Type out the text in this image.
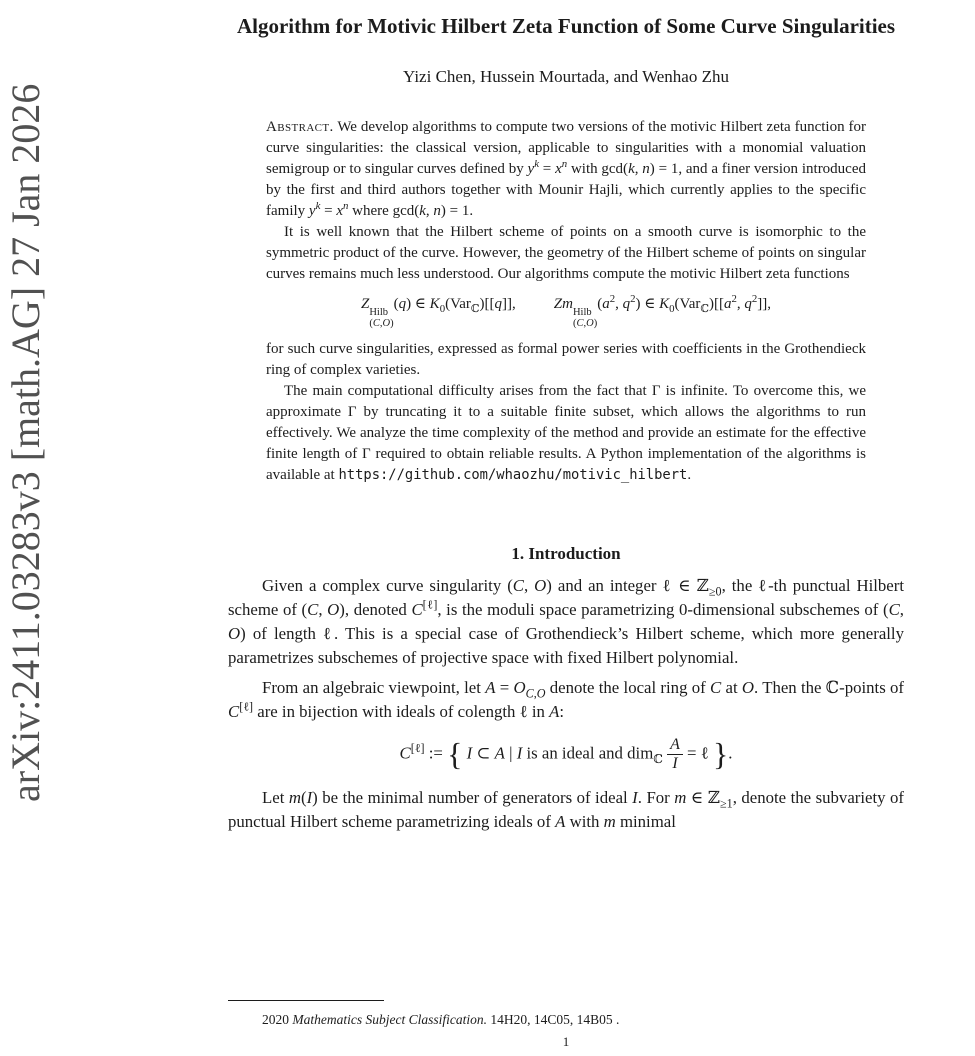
arXiv:2411.03283v3 [math.AG] 27 Jan 2026
Algorithm for Motivic Hilbert Zeta Function of Some Curve Singularities
Yizi Chen, Hussein Mourtada, and Wenhao Zhu

Abstract. We develop algorithms to compute two versions of the motivic Hilbert zeta function for curve singularities: the classical version, applicable to singularities with a monomial valuation semigroup or to singular curves defined by $y^k = x^n$ with gcd(k, n) = 1, and a finer version introduced by the first and third authors together with Mounir Hajli, which currently applies to the specific family $y^k = x^n$ where gcd(k, n) = 1.

It is well known that the Hilbert scheme of points on a smooth curve is isomorphic to the symmetric product of the curve. However, the geometry of the Hilbert scheme of points on singular curves remains much less understood. Our algorithms compute the motivic Hilbert zeta functions

Z
Hilb
(C,O)
(q) ∈ $K_0(Var_ℂ)[[q]]$,	Zm
Hilb
(C,O)
($a^2$, $q^2$) ∈ $K_0(Var_ℂ)[[a^2$, $q^2$]],

for such curve singularities, expressed as formal power series with coefficients in the Grothendieck ring of complex varieties.

The main computational difficulty arises from the fact that Γ is infinite. To overcome this, we approximate Γ by truncating it to a suitable finite subset, which allows the algorithms to run effectively. We analyze the time complexity of the method and provide an estimate for the effective finite length of Γ required to obtain reliable results. A Python implementation of the algorithms is available at https://github.com/whaozhu/motivic_hilbert.

1. Introduction

Given a complex curve singularity (C, O) and an integer ℓ ∈ ℤ$_{\ge 0}$, the ℓ-th punctual Hilbert scheme of (C, O), denoted C[ℓ], is the moduli space parametrizing 0-dimensional subschemes of (C, O) of length ℓ. This is a special case of Grothendieck’s Hilbert scheme, which more generally parametrizes subschemes of projective space with fixed Hilbert polynomial.

From an algebraic viewpoint, let $A = O_{C,O}$ denote the local ring of C at O. Then the ℂ-points of C[ℓ] are in bijection with ideals of colength ℓ in A:

C[ℓ] := { I ⊂ A | I is an ideal and $dim_ℂ \frac{A}{I}$ = ℓ }.

Let m(I) be the minimal number of generators of ideal I. For m ∈ ℤ$_{\ge 1}$, denote the subvariety of punctual Hilbert scheme parametrizing ideals of A with m minimal

2020 Mathematics Subject Classification. 14H20, 14C05, 14B05 .
1
